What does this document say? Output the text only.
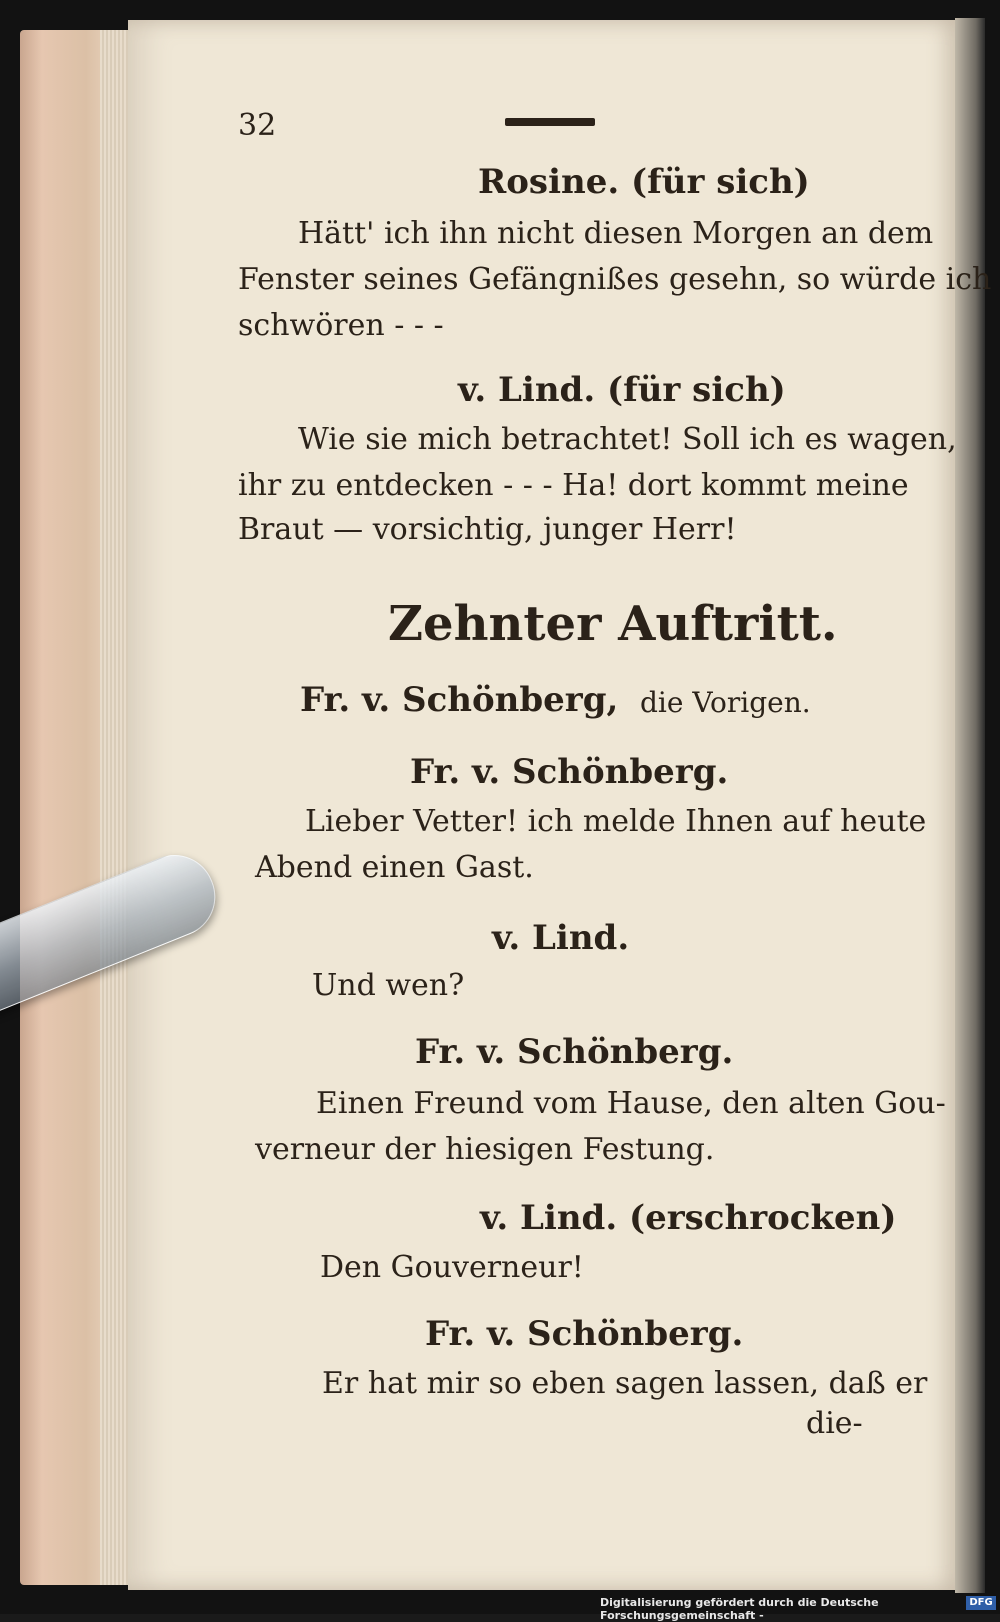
32
Rosine. (für sich)
Hätt' ich ihn nicht diesen Morgen an dem
Fenster seines Gefängnißes gesehn, so würde ich
schwören - - -
v. Lind. (für sich)
Wie sie mich betrachtet! Soll ich es wagen,
ihr zu entdecken - - - Ha! dort kommt meine
Braut — vorsichtig, junger Herr!
Zehnter Auftritt.
Fr. v. Schönberg, die Vorigen.
Fr. v. Schönberg.
Lieber Vetter! ich melde Ihnen auf heute
Abend einen Gast.
v. Lind.
Und wen?
Fr. v. Schönberg.
Einen Freund vom Hause, den alten Gou-
verneur der hiesigen Festung.
v. Lind. (erschrocken)
Den Gouverneur!
Fr. v. Schönberg.
Er hat mir so eben sagen lassen, daß er
die-
Digitalisierung gefördert durch die Deutsche Forschungsgemeinschaft -
DFG
